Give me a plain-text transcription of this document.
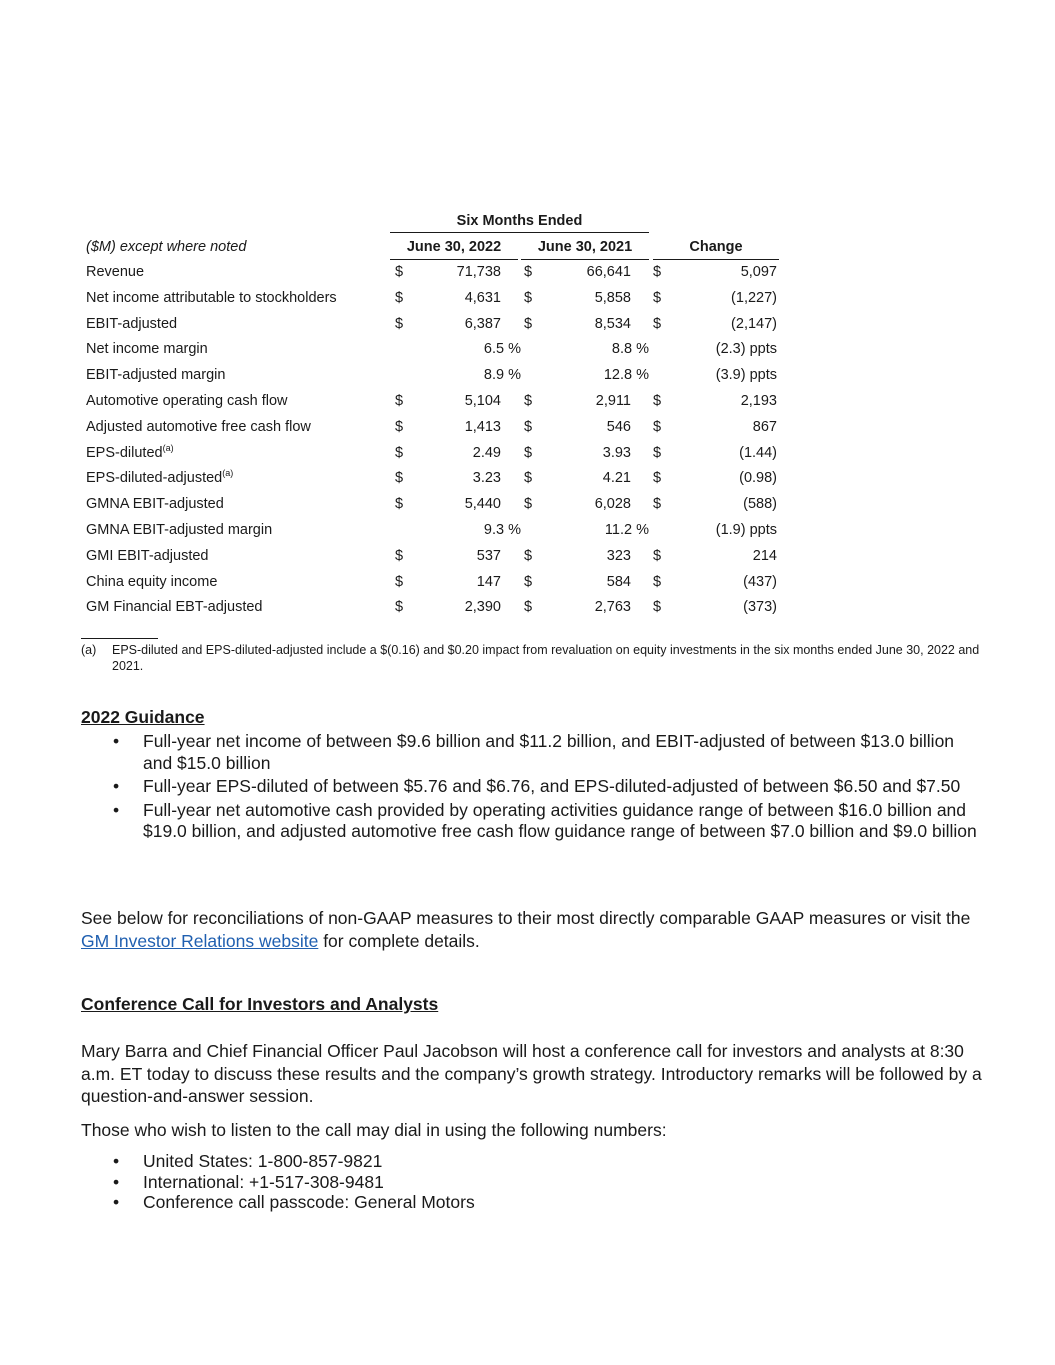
Six Months Ended
($M) except where noted	June 30, 2022	June 30, 2021	Change
Revenue	$	71,738 $	66,641 $	5,097
Net income attributable to stockholders	$	4,631 $	5,858 $	(1,227)
EBIT-adjusted	$	6,387 $	8,534 $	(2,147)
Net income margin	6.5 %	8.8 %	(2.3) ppts
EBIT-adjusted margin	8.9 %	12.8 %	(3.9) ppts
Automotive operating cash flow	$	5,104 $	2,911 $	2,193
Adjusted automotive free cash flow	$	1,413 $	546 $	867
EPS-diluted$^{(a)}$	$	2.49 $	3.93 $	(1.44)
EPS-diluted-adjusted$^{(a)}$	$	3.23 $	4.21 $	(0.98)
GMNA EBIT-adjusted	$	5,440 $	6,028 $	(588)
GMNA EBIT-adjusted margin	9.3 %	11.2 %	(1.9) ppts
GMI EBIT-adjusted	$	537 $	323 $	214
China equity income	$	147 $	584 $	(437)
GM Financial EBT-adjusted	$	2,390 $	2,763 $	(373)
(a) EPS-diluted and EPS-diluted-adjusted include a $(0.16) and $0.20 impact from revaluation on equity investments in the six months ended June 30, 2022 and 2021.
2022 Guidance
• Full-year net income of between $9.6 billion and $11.2 billion, and EBIT-adjusted of between $13.0 billion and $15.0 billion
• Full-year EPS-diluted of between $5.76 and $6.76, and EPS-diluted-adjusted of between $6.50 and $7.50
• Full-year net automotive cash provided by operating activities guidance range of between $16.0 billion and $19.0 billion, and adjusted automotive free cash flow guidance range of between $7.0 billion and $9.0 billion
See below for reconciliations of non-GAAP measures to their most directly comparable GAAP measures or visit the GM Investor Relations website for complete details.
Conference Call for Investors and Analysts
Mary Barra and Chief Financial Officer Paul Jacobson will host a conference call for investors and analysts at 8:30 a.m. ET today to discuss these results and the company’s growth strategy. Introductory remarks will be followed by a question-and-answer session.
Those who wish to listen to the call may dial in using the following numbers:
• United States: 1-800-857-9821
• International: +1-517-308-9481
• Conference call passcode: General Motors
